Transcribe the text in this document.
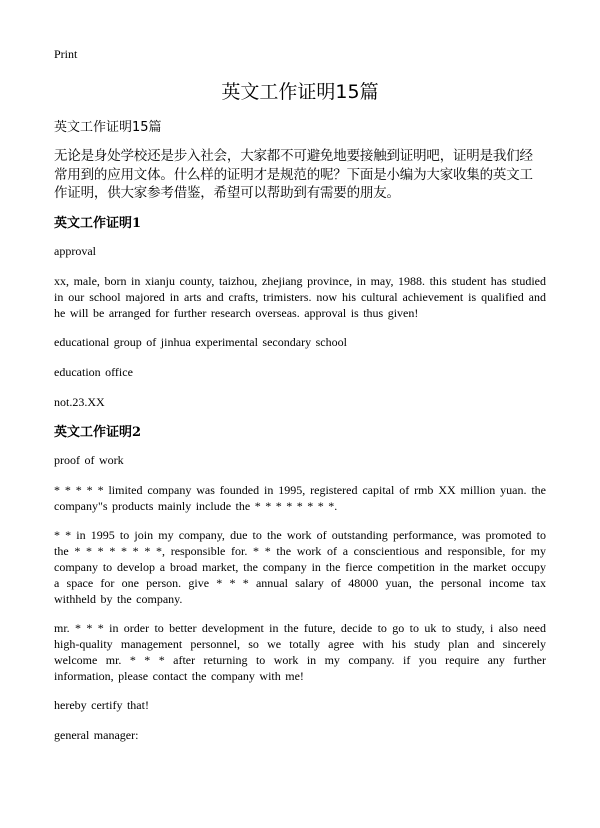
Print

英文工作证明15篇

英文工作证明15篇

无论是身处学校还是步入社会，大家都不可避免地要接触到证明吧，证明是我们经常用到的应用文体。什么样的证明才是规范的呢？下面是小编为大家收集的英文工作证明，供大家参考借鉴，希望可以帮助到有需要的朋友。

英文工作证明1

approval

xx, male, born in xianju county, taizhou, zhejiang province, in may, 1988. this student has studied in our school majored in arts and crafts, trimisters. now his cultural achievement is qualified and he will be arranged for further research overseas. approval is thus given!

educational group of jinhua experimental secondary school

education office

not.23.XX

英文工作证明2

proof of work

* * * * * limited company was founded in 1995, registered capital of rmb XX million yuan. the company"s products mainly include the * * * * * * * *.

* * in 1995 to join my company, due to the work of outstanding performance, was promoted to the * * * * * * * *, responsible for. * * the work of a conscientious and responsible, for my company to develop a broad market, the company in the fierce competition in the market occupy a space for one person. give * * * annual salary of 48000 yuan, the personal income tax withheld by the company.

mr. * * * in order to better development in the future, decide to go to uk to study, i also need high-quality management personnel, so we totally agree with his study plan and sincerely welcome mr. * * * after returning to work in my company. if you require any further information, please contact the company with me!

hereby certify that!

general manager:
